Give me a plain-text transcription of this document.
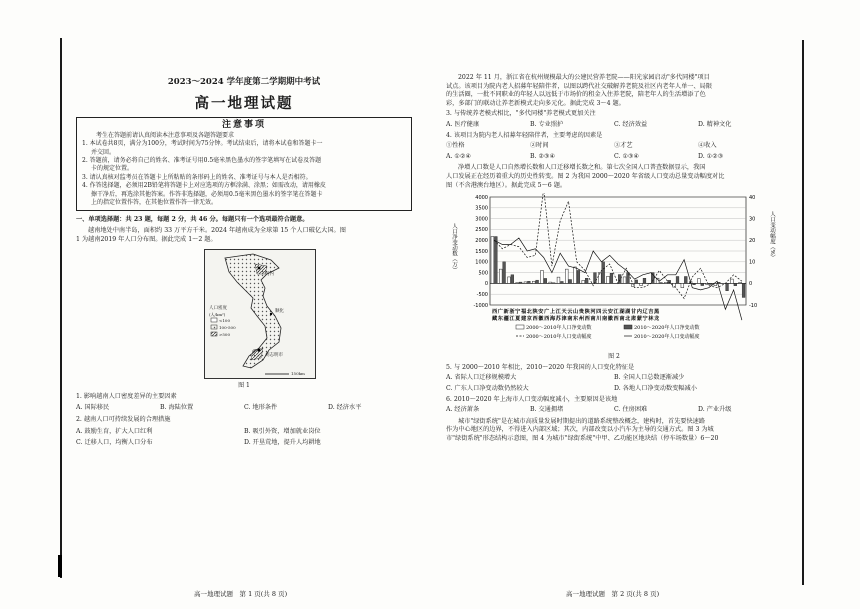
2023～2024 学年度第二学期期中考试
高一地理试题
注意事项
考生在答题前请认真阅读本注意事项及各题答题要求
1. 本试卷共8页，满分为100分，考试时间为75分钟。考试结束后，请将本试卷和答题卡一
并交回。
2. 答题前，请务必将自己的姓名、准考证号用0.5毫米黑色墨水的签字笔填写在试卷及答题
卡的规定位置。
3. 请认真核对监考员在答题卡上所粘贴的条形码上的姓名、准考证号与本人是否相符。
4. 作答选择题，必须用2B铅笔将答题卡上对应选项的方框涂满、涂黑；如需改动，请用橡皮
擦干净后，再选涂其他答案。作答非选择题，必须用0.5毫米黑色墨水的签字笔在答题卡
上的指定位置作答，在其他位置作答一律无效。
一、单项选择题：共 23 题，每题 2 分，共 46 分。每题只有一个选项最符合题意。
越南地处中南半岛，面积约 33 万平方千米。2024 年越南成为全球第 15 个人口破亿大国。图
1 为越南2019 年人口分布图。据此完成 1～2 题。
河内
顺化
胡志明市
人口密度
(人/km²)
<100
100-500
>500
150km
图 1
1. 影响越南人口密度差异的主要因素
A. 国际移民	B. 海陆位置	C. 地形条件	D. 经济水平
2. 越南人口可持续发展的合理措施
A. 鼓励生育，扩大人口红利	B. 吸引外资，增加就业岗位
C. 迁移人口，均衡人口分布	D. 开垦荒地，提升人均耕地
高一地理试题　第 1 页(共 8 页)
2022 年 11 月，浙江省在杭州规模最大的公建民营养老院——阳光家园启动"多代同楼"项目
试点。该项目为院内老人招募年轻陪伴者，以图以跨代社交破解养老院及社区内老年人单一、局限
的生活圈，一批不同职业的年轻人以远低于市场价的租金入住养老院，陪老年人的生活增添了色
彩，多部门的联动让养老新模式走向多元化。据此完成 3～4 题。
3. 与传统养老模式相比，"多代同楼"养老模式更加关注
A. 医疗健康	B. 专业照护	C. 经济效益	D. 精神文化
4. 该项目为院内老人招募年轻陪伴者，主要考虑的因素是
①性格	②时间	③才艺	④收入
A. ①②④	B. ②③④	C. ①③④	D. ①②③
净增人口数是人口自然增长数和人口迁移增长数之和。第七次全国人口普查数据显示，我国
人口发展正在经历着重大的历史性转变。图 2 为我国 2000～2020 年省级人口变动总量变动幅度对比
图（不含港澳台地区）。据此完成 5～6 题。
-1000
-500
0
500
1000
1500
2000
2500
3000
3500
4000
-10
0
10
20
30
40
人口净变动数（万）	人口变动幅度（%）
西广新浙宁福北陕安广上江天云山贵陕河四云安江湖湖甘内辽吉黑
藏东疆江夏建京西徽西海苏津南东州西南川南徽西南北肃蒙宁林龙
2000～2010年人口净变动数	2010～2020年人口净变动数
2000～2010年人口变动幅度	2010～2020年人口变动幅度
图 2
5. 与 2000～2010 年相比，2010～2020 年我国的人口变化特征是
A. 省际人口迁移规模增大	B. 全国人口总数逐渐减少
C. 广东人口净变动数仍然较大	D. 各地人口净变动数变幅减小
6. 2010～2020 年上海市人口变动幅度减小，主要原因是该地
A. 经济萧条	B. 交通拥堵	C. 住房困难	D. 产业升级
城市"绿街系统"是在城市高质量发展时期提出的道路系统整改概念，建构时，首先要快速路
作为中心地区的边界，不得进入内部区域；其次，内部改变以小汽车为主导的交通方式。图 3 为城
市"绿街系统"形态结构示意图，图 4 为城市"绿街系统"中甲、乙功能区地块结（停车场数量）6～20
高一地理试题　第 2 页(共 8 页)
